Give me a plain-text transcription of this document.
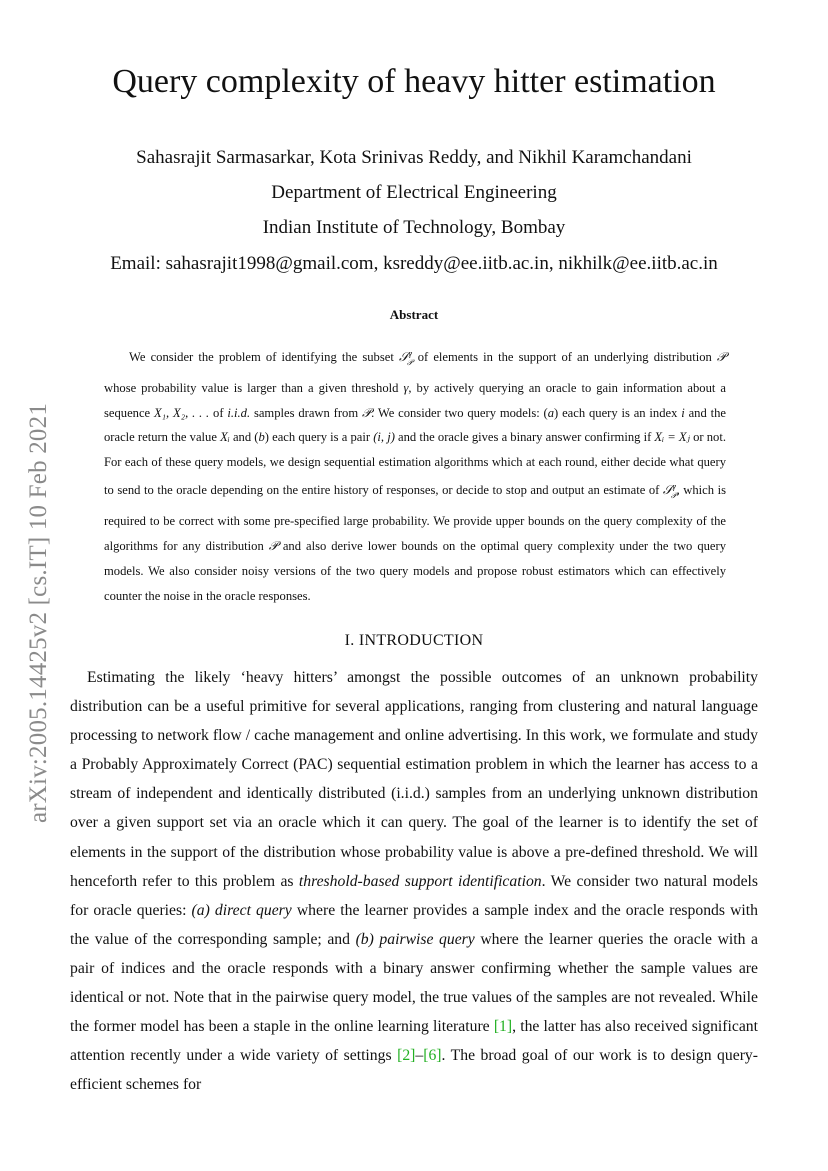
arXiv:2005.14425v2 [cs.IT] 10 Feb 2021
Query complexity of heavy hitter estimation
Sahasrajit Sarmasarkar, Kota Srinivas Reddy, and Nikhil Karamchandani
Department of Electrical Engineering
Indian Institute of Technology, Bombay
Email: sahasrajit1998@gmail.com, ksreddy@ee.iitb.ac.in, nikhilk@ee.iitb.ac.in
Abstract

We consider the problem of identifying the subset 𝒮$^\gamma_𝒫$ of elements in the support of an underlying distribution 𝒫 whose probability value is larger than a given threshold γ, by actively querying an oracle to gain information about a sequence X₁, X₂, . . . of i.i.d. samples drawn from 𝒫. We consider two query models: (a) each query is an index i and the oracle return the value Xᵢ and (b) each query is a pair (i, j) and the oracle gives a binary answer confirming if Xᵢ = Xⱼ or not. For each of these query models, we design sequential estimation algorithms which at each round, either decide what query to send to the oracle depending on the entire history of responses, or decide to stop and output an estimate of 𝒮$^\gamma_𝒫$, which is required to be correct with some pre-specified large probability. We provide upper bounds on the query complexity of the algorithms for any distribution 𝒫 and also derive lower bounds on the optimal query complexity under the two query models. We also consider noisy versions of the two query models and propose robust estimators which can effectively counter the noise in the oracle responses.

I. INTRODUCTION

Estimating the likely ‘heavy hitters’ amongst the possible outcomes of an unknown probability distribution can be a useful primitive for several applications, ranging from clustering and natural language processing to network flow / cache management and online advertising. In this work, we formulate and study a Probably Approximately Correct (PAC) sequential estimation problem in which the learner has access to a stream of independent and identically distributed (i.i.d.) samples from an underlying unknown distribution over a given support set via an oracle which it can query. The goal of the learner is to identify the set of elements in the support of the distribution whose probability value is above a pre-defined threshold. We will henceforth refer to this problem as threshold-based support identification. We consider two natural models for oracle queries: (a) direct query where the learner provides a sample index and the oracle responds with the value of the corresponding sample; and (b) pairwise query where the learner queries the oracle with a pair of indices and the oracle responds with a binary answer confirming whether the sample values are identical or not. Note that in the pairwise query model, the true values of the samples are not revealed. While the former model has been a staple in the online learning literature [1], the latter has also received significant attention recently under a wide variety of settings [2]–[6]. The broad goal of our work is to design query-efficient schemes for
